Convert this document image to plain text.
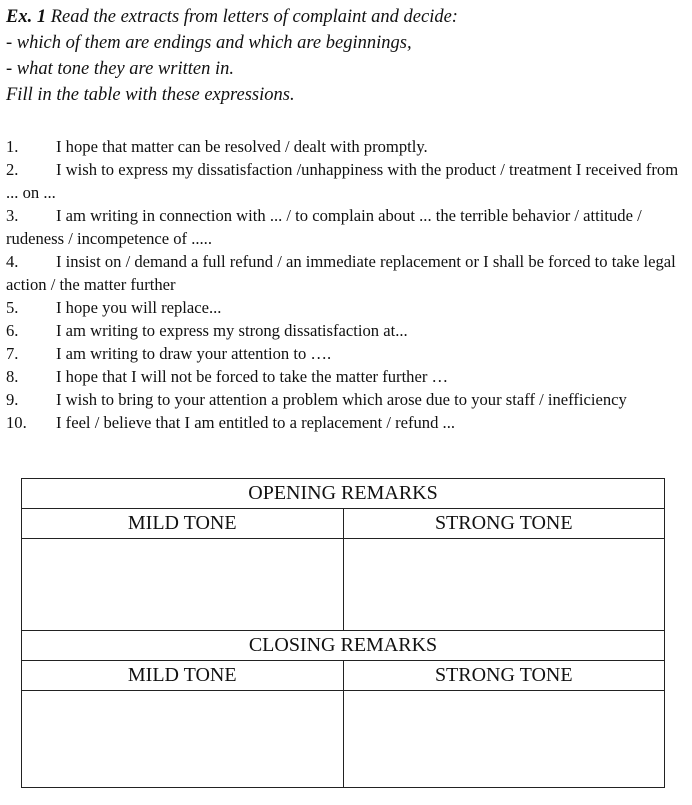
Ex. 1 Read the extracts from letters of complaint and decide:
- which of them are endings and which are beginnings,
- what tone they are written in.
Fill in the table with these expressions.
1. I hope that matter can be resolved / dealt with promptly.
2. I wish to express my dissatisfaction /unhappiness with the product / treatment I received from ... on ...
3. I am writing in connection with ... / to complain about ... the terrible behavior / attitude / rudeness / incompetence of .....
4. I insist on / demand a full refund / an immediate replacement or I shall be forced to take legal action / the matter further
5. I hope you will replace...
6. I am writing to express my strong dissatisfaction at...
7. I am writing to draw your attention to ….
8. I hope that I will not be forced to take the matter further …
9. I wish to bring to your attention a problem which arose due to your staff / inefficiency
10. I feel / believe that I am entitled to a replacement / refund ...
OPENING REMARKS	
MILD TONE	STRONG TONE

CLOSING REMARKS	
MILD TONE	STRONG TONE
